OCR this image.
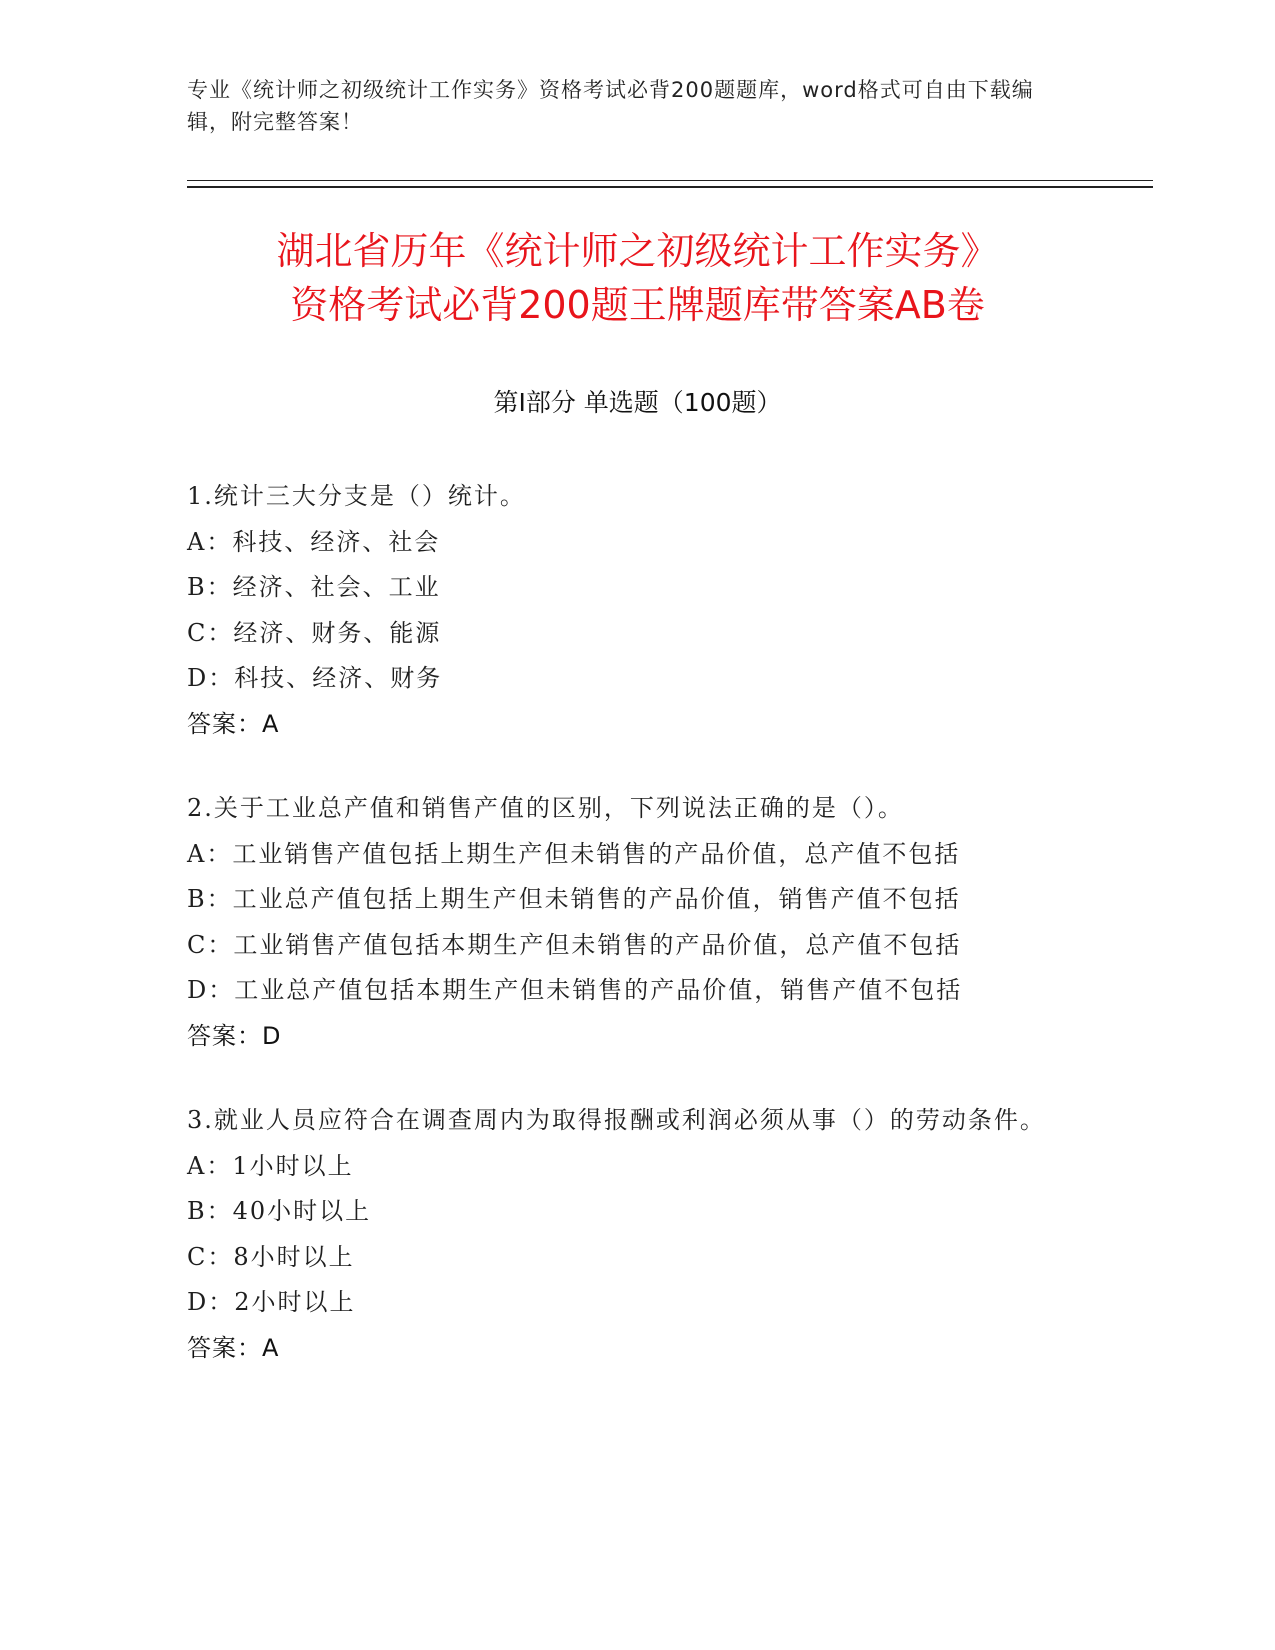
专业《统计师之初级统计工作实务》资格考试必背200题题库，word格式可自由下载编辑，附完整答案！
湖北省历年《统计师之初级统计工作实务》
资格考试必背200题王牌题库带答案AB卷
第Ⅰ部分 单选题（100题）
1.统计三大分支是（）统计。
A：科技、经济、社会
B：经济、社会、工业
C：经济、财务、能源
D：科技、经济、财务
答案：A
2.关于工业总产值和销售产值的区别，下列说法正确的是（）。
A：工业销售产值包括上期生产但未销售的产品价值，总产值不包括
B：工业总产值包括上期生产但未销售的产品价值，销售产值不包括
C：工业销售产值包括本期生产但未销售的产品价值，总产值不包括
D：工业总产值包括本期生产但未销售的产品价值，销售产值不包括
答案：D
3.就业人员应符合在调查周内为取得报酬或利润必须从事（）的劳动条件。
A：1小时以上
B：40小时以上
C：8小时以上
D：2小时以上
答案：A
